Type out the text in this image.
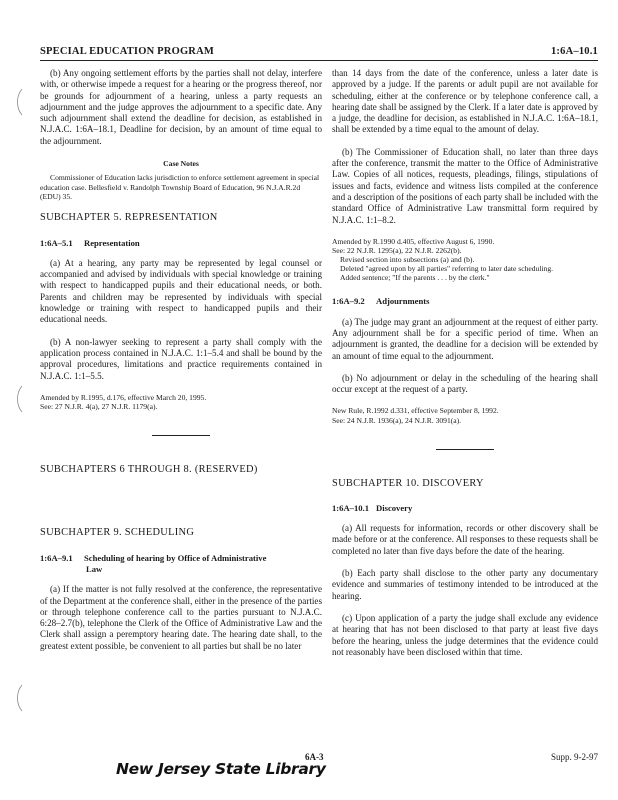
SPECIAL EDUCATION PROGRAM	1:6A–10.1

(b) Any ongoing settlement efforts by the parties shall not delay, interfere with, or otherwise impede a request for a hearing or the progress thereof, nor be grounds for adjournment of a hearing, unless a party requests an adjournment and the judge approves the adjournment to a specific date. Any such adjournment shall extend the deadline for decision, as established in N.J.A.C. 1:6A–18.1, Deadline for decision, by an amount of time equal to the adjournment.

Case Notes

Commissioner of Education lacks jurisdiction to enforce settlement agreement in special education case. Bellesfield v. Randolph Township Board of Education, 96 N.J.A.R.2d (EDU) 35.

SUBCHAPTER 5. REPRESENTATION
1:6A–5.1 Representation

(a) At a hearing, any party may be represented by legal counsel or accompanied and advised by individuals with special knowledge or training with respect to handicapped pupils and their educational needs, or both. Parents and children may be represented by individuals with special knowledge or training with respect to handicapped pupils and their educational needs.

(b) A non-lawyer seeking to represent a party shall comply with the application process contained in N.J.A.C. 1:1–5.4 and shall be bound by the approval procedures, limitations and practice requirements contained in N.J.A.C. 1:1–5.5.

Amended by R.1995, d.176, effective March 20, 1995.
See: 27 N.J.R. 4(a), 27 N.J.R. 1179(a).
SUBCHAPTERS 6 THROUGH 8. (RESERVED)
SUBCHAPTER 9. SCHEDULING
1:6A–9.1 Scheduling of hearing by Office of Administrative
Law

(a) If the matter is not fully resolved at the conference, the representative of the Department at the conference shall, either in the presence of the parties or through telephone conference call to the parties pursuant to N.J.A.C. 6:28–2.7(b), telephone the Clerk of the Office of Administrative Law and the Clerk shall assign a peremptory hearing date. The hearing date shall, to the greatest extent possible, be convenient to all parties but shall be no later

than 14 days from the date of the conference, unless a later date is approved by a judge. If the parents or adult pupil are not available for scheduling, either at the conference or by telephone conference call, a hearing date shall be assigned by the Clerk. If a later date is approved by a judge, the deadline for decision, as established in N.J.A.C. 1:6A–18.1, shall be extended by a time equal to the amount of delay.

(b) The Commissioner of Education shall, no later than three days after the conference, transmit the matter to the Office of Administrative Law. Copies of all notices, requests, pleadings, filings, stipulations of issues and facts, evidence and witness lists compiled at the conference and a description of the positions of each party shall be included with the standard Office of Administrative Law transmittal form required by N.J.A.C. 1:1–8.2.

Amended by R.1990 d.405, effective August 6, 1990.
See: 22 N.J.R. 1295(a), 22 N.J.R. 2262(b).
Revised section into subsections (a) and (b).
Deleted "agreed upon by all parties" referring to later date scheduling.
Added sentence; "If the parents . . . by the clerk."
1:6A–9.2 Adjournments

(a) The judge may grant an adjournment at the request of either party. Any adjournment shall be for a specific period of time. When an adjournment is granted, the deadline for a decision will be extended by an amount of time equal to the adjournment.

(b) No adjournment or delay in the scheduling of the hearing shall occur except at the request of a party.

New Rule, R.1992 d.331, effective September 8, 1992.
See: 24 N.J.R. 1936(a), 24 N.J.R. 3091(a).
SUBCHAPTER 10. DISCOVERY
1:6A–10.1 Discovery

(a) All requests for information, records or other discovery shall be made before or at the conference. All responses to these requests shall be completed no later than five days before the date of the hearing.

(b) Each party shall disclose to the other party any documentary evidence and summaries of testimony intended to be introduced at the hearing.

(c) Upon application of a party the judge shall exclude any evidence at hearing that has not been disclosed to that party at least five days before the hearing, unless the judge determines that the evidence could not reasonably have been disclosed within that time.

6A-3	Supp. 9-2-97
New Jersey State Library
